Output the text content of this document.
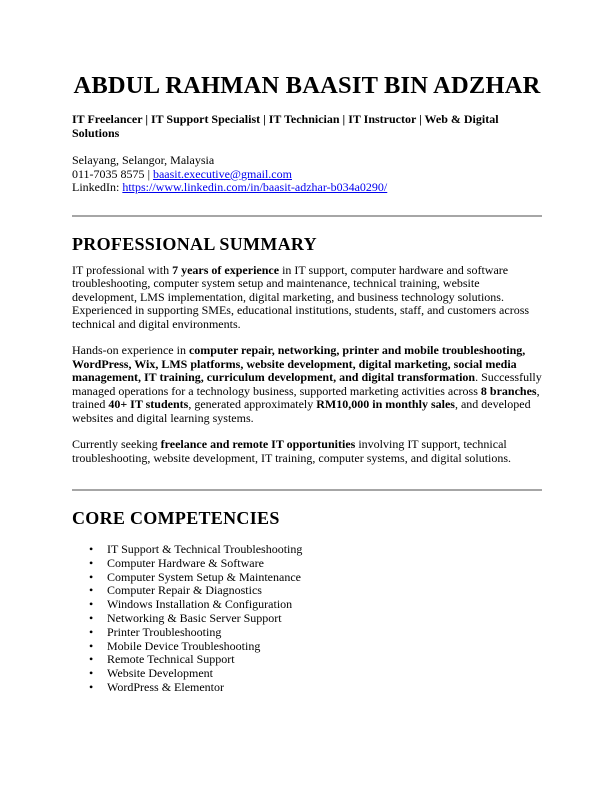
ABDUL RAHMAN BAASIT BIN ADZHAR

IT Freelancer | IT Support Specialist | IT Technician | IT Instructor | Web & Digital Solutions

Selayang, Selangor, Malaysia
011-7035 8575 | baasit.executive@gmail.com
LinkedIn: https://www.linkedin.com/in/baasit-adzhar-b034a0290/
PROFESSIONAL SUMMARY

IT professional with 7 years of experience in IT support, computer hardware and software troubleshooting, computer system setup and maintenance, technical training, website development, LMS implementation, digital marketing, and business technology solutions. Experienced in supporting SMEs, educational institutions, students, staff, and customers across technical and digital environments.

Hands-on experience in computer repair, networking, printer and mobile troubleshooting, WordPress, Wix, LMS platforms, website development, digital marketing, social media management, IT training, curriculum development, and digital transformation. Successfully managed operations for a technology business, supported marketing activities across 8 branches, trained 40+ IT students, generated approximately RM10,000 in monthly sales, and developed websites and digital learning systems.

Currently seeking freelance and remote IT opportunities involving IT support, technical troubleshooting, website development, IT training, computer systems, and digital solutions.

CORE COMPETENCIES
• IT Support & Technical Troubleshooting
• Computer Hardware & Software
• Computer System Setup & Maintenance
• Computer Repair & Diagnostics
• Windows Installation & Configuration
• Networking & Basic Server Support
• Printer Troubleshooting
• Mobile Device Troubleshooting
• Remote Technical Support
• Website Development
• WordPress & Elementor
